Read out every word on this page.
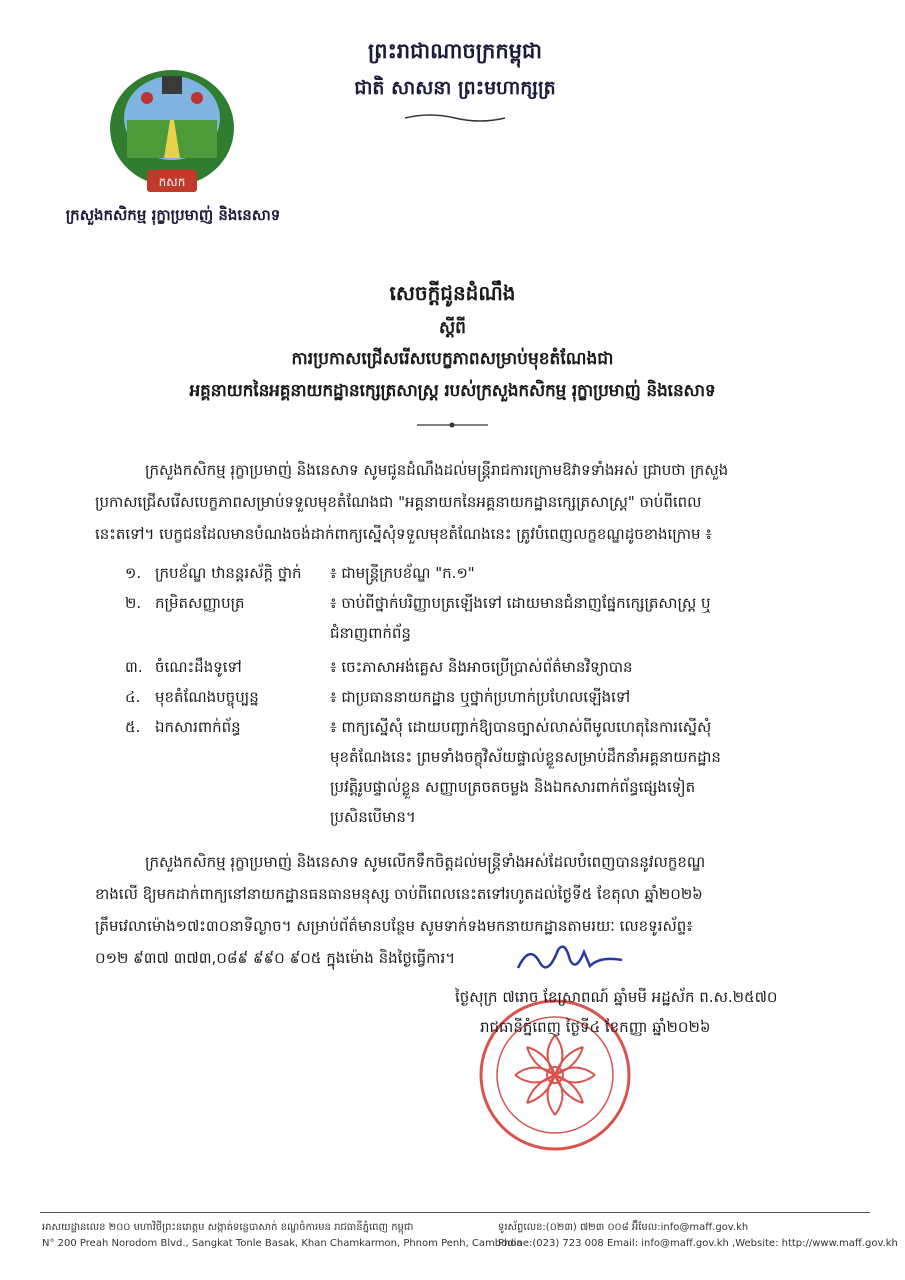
កសក
ព្រះរាជាណាចក្រកម្ពុជា
ជាតិ សាសនា ព្រះមហាក្សត្រ
ក្រសួងកសិកម្ម រុក្ខាប្រមាញ់ និងនេសាទ
សេចក្តីជូនដំណឹង
ស្តីពី
ការប្រកាសជ្រើសរើសបេក្ខភាពសម្រាប់មុខតំណែងជា
អគ្គនាយកនៃអគ្គនាយកដ្ឋានក្សេត្រសាស្ត្រ របស់ក្រសួងកសិកម្ម រុក្ខាប្រមាញ់ និងនេសាទ
ក្រសួងកសិកម្ម រុក្ខាប្រមាញ់ និងនេសាទ សូមជូនដំណឹងដល់មន្ត្រីរាជការក្រោមឱវាទទាំងអស់ ជ្រាបថា ក្រសួង
ប្រកាសជ្រើសរើសបេក្ខភាពសម្រាប់ទទួលមុខតំណែងជា "អគ្គនាយកនៃអគ្គនាយកដ្ឋានក្សេត្រសាស្ត្រ" ចាប់ពីពេល
នេះតទៅ។ បេក្ខជនដែលមានបំណងចង់ដាក់ពាក្យស្នើសុំទទួលមុខតំណែងនេះ ត្រូវបំពេញលក្ខខណ្ឌដូចខាងក្រោម ៖
១. ក្របខ័ណ្ឌ ឋានន្តរស័ក្តិ ថ្នាក់	៖ ជាមន្ត្រីក្របខ័ណ្ឌ "ក.១"
២. កម្រិតសញ្ញាបត្រ	៖ ចាប់ពីថ្នាក់បរិញ្ញាបត្រឡើងទៅ ដោយមានជំនាញផ្នែកក្សេត្រសាស្ត្រ ឬ
ជំនាញពាក់ព័ន្ធ
៣. ចំណេះដឹងទូទៅ	៖ ចេះភាសាអង់គ្លេស និងអាចប្រើប្រាស់ព័ត៌មានវិទ្យាបាន
៤. មុខតំណែងបច្ចុប្បន្ន	៖ ជាប្រធាននាយកដ្ឋាន ឬថ្នាក់ប្រហាក់ប្រហែលឡើងទៅ
៥. ឯកសារពាក់ព័ន្ធ	៖ ពាក្យស្នើសុំ ដោយបញ្ជាក់ឱ្យបានច្បាស់លាស់ពីមូលហេតុនៃការស្នើសុំ
មុខតំណែងនេះ ព្រមទាំងចក្ខុវិស័យផ្ទាល់ខ្លួនសម្រាប់ដឹកនាំអគ្គនាយកដ្ឋាន
ប្រវត្តិរូបផ្ទាល់ខ្លួន សញ្ញាបត្រចតចម្លង និងឯកសារពាក់ព័ន្ធផ្សេងទៀត
ប្រសិនបើមាន។
ក្រសួងកសិកម្ម រុក្ខាប្រមាញ់ និងនេសាទ សូមលើកទឹកចិត្តដល់មន្ត្រីទាំងអស់ដែលបំពេញបាននូវលក្ខខណ្ឌ
ខាងលើ ឱ្យមកដាក់ពាក្យនៅនាយកដ្ឋានធនធានមនុស្ស ចាប់ពីពេលនេះតទៅរហូតដល់ថ្ងៃទី៥ ខែតុលា ឆ្នាំ២០២៦
ត្រឹមវេលាម៉ោង១៧ះ៣០នាទីល្ងាច។ សម្រាប់ព័ត៌មានបន្ថែម សូមទាក់ទងមកនាយកដ្ឋានតាមរយៈ លេខទូរស័ព្ទ៖
០១២ ៩៣៧ ៣៧៣,០៨៩ ៩៩០ ៩០៥ ក្នុងម៉ោង និងថ្ងៃធ្វើការ។
ថ្ងៃសុក្រ ៧រោច ខែស្រាពណ៍ ឆ្នាំមមី អដ្ឋស័ក ព.ស.២៥៧០
រាជធានីភ្នំពេញ ថ្ងៃទី៤ ខែកញ្ញា ឆ្នាំ២០២៦
អាសយដ្ឋានលេខ ២០០ មហាវិថីព្រះនរោត្តម សង្កាត់ទន្លេបាសាក់ ខណ្ឌចំការមន រាជធានីភ្នំពេញ កម្ពុជា
N° 200 Preah Norodom Blvd., Sangkat Tonle Basak, Khan Chamkarmon, Phnom Penh, Cambodia
ទូរស័ព្ទលេខ:(០២៣) ៧២៣ ០០៨ អ៊ីមែល:info@maff.gov.kh
Phone:(023) 723 008 Email: info@maff.gov.kh ,Website: http://www.maff.gov.kh
